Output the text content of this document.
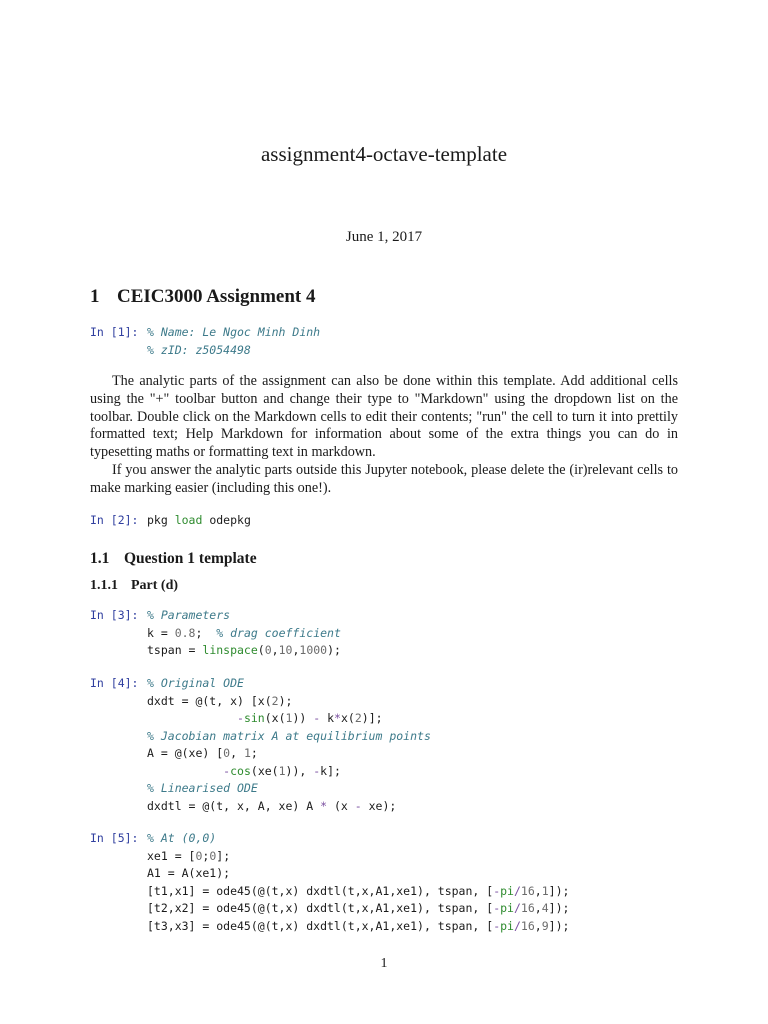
assignment4-octave-template
June 1, 2017
1 CEIC3000 Assignment 4
In [1]: % Name: Le Ngoc Minh Dinh
% zID: z5054498

The analytic parts of the assignment can also be done within this template. Add additional cells using the "+" toolbar button and change their type to "Markdown" using the dropdown list on the toolbar. Double click on the Markdown cells to edit their contents; "run" the cell to turn it into prettily formatted text; Help Markdown for information about some of the extra things you can do in typesetting maths or formatting text in markdown.

If you answer the analytic parts outside this Jupyter notebook, please delete the (ir)relevant cells to make marking easier (including this one!).

In [2]: pkg load odepkg
1.1 Question 1 template
1.1.1 Part (d)
In [3]: % Parameters
k = 0.8;  % drag coefficient
tspan = linspace(0,10,1000);
In [4]: % Original ODE
dxdt = @(t, x) [x(2);
-sin(x(1)) - k*x(2)];
% Jacobian matrix A at equilibrium points
A = @(xe) [0, 1;
-cos(xe(1)), -k];
% Linearised ODE
dxdtl = @(t, x, A, xe) A * (x - xe);
In [5]: % At (0,0)
xe1 = [0;0];
A1 = A(xe1);
[t1,x1] = ode45(@(t,x) dxdtl(t,x,A1,xe1), tspan, [-pi/16,1]);
[t2,x2] = ode45(@(t,x) dxdtl(t,x,A1,xe1), tspan, [-pi/16,4]);
[t3,x3] = ode45(@(t,x) dxdtl(t,x,A1,xe1), tspan, [-pi/16,9]);
1
